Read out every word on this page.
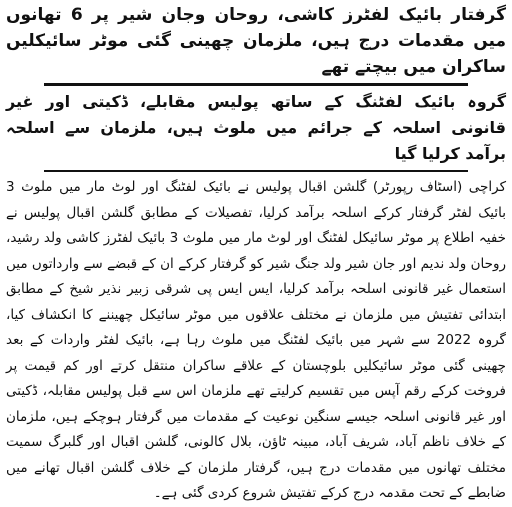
گرفتار بائیک لفٹرز کاشی، روحان وجان شیر پر 6 تھانوں میں مقدمات درج ہیں، ملزمان چھینی گئی موٹر سائیکلیں ساکران میں بیچتے تھے
گروہ بائیک لفٹنگ کے ساتھ پولیس مقابلے، ڈکیتی اور غیر قانونی اسلحہ کے جرائم میں ملوث ہیں، ملزمان سے اسلحہ برآمد کرلیا گیا

کراچی (اسٹاف رپورٹر) گلشن اقبال پولیس نے بائیک لفٹنگ اور لوٹ مار میں ملوث 3 بائیک لفٹر گرفتار کرکے اسلحہ برآمد کرلیا، تفصیلات کے مطابق گلشن اقبال پولیس نے خفیہ اطلاع پر موٹر سائیکل لفٹنگ اور لوٹ مار میں ملوث 3 بائیک لفٹرز کاشی ولد رشید، روحان ولد ندیم اور جان شیر ولد جنگ شیر کو گرفتار کرکے ان کے قبضے سے وارداتوں میں استعمال غیر قانونی اسلحہ برآمد کرلیا، ایس ایس پی شرقی زبیر نذیر شیخ کے مطابق ابتدائی تفتیش میں ملزمان نے مختلف علاقوں میں موٹر سائیکل چھیننے کا انکشاف کیا، گروہ 2022 سے شہر میں بائیک لفٹنگ میں ملوث رہا ہے، بائیک لفٹر واردات کے بعد چھینی گئی موٹر سائیکلیں بلوچستان کے علاقے ساکران منتقل کرتے اور کم قیمت پر فروخت کرکے رقم آپس میں تقسیم کرلیتے تھے ملزمان اس سے قبل پولیس مقابلہ، ڈکیتی اور غیر قانونی اسلحہ جیسے سنگین نوعیت کے مقدمات میں گرفتار ہوچکے ہیں، ملزمان کے خلاف ناظم آباد، شریف آباد، مبینہ ٹاؤن، بلال کالونی، گلشن اقبال اور گلبرگ سمیت مختلف تھانوں میں مقدمات درج ہیں، گرفتار ملزمان کے خلاف گلشن اقبال تھانے میں ضابطے کے تحت مقدمہ درج کرکے تفتیش شروع کردی گئی ہے۔
